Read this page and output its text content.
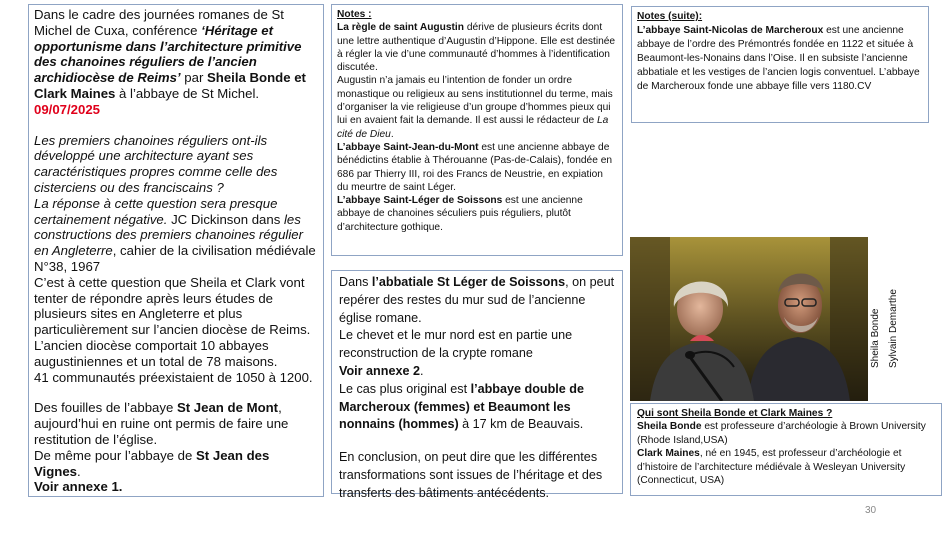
Dans le cadre des journées romanes de St Michel de Cuxa, conférence ‘Héritage et opportunisme dans l’architecture primitive des chanoines réguliers de l’ancien archidiocèse de Reims’ par Sheila Bonde et Clark Maines à l’abbaye de St Michel. 09/07/2025

Les premiers chanoines réguliers ont-ils développé une architecture ayant ses caractéristiques propres comme celle des cisterciens ou des franciscains ?

La réponse à cette question sera presque certainement négative. JC Dickinson dans les constructions des premiers chanoines régulier en Angleterre, cahier de la civilisation médiévale N°38, 1967

C’est à cette question que Sheila et Clark vont tenter de répondre après leurs études de plusieurs sites en Angleterre et plus particulièrement sur l’ancien diocèse de Reims.

L’ancien diocèse comportait 10 abbayes augustiniennes et un total de 78 maisons.

41 communautés préexistaient de 1050 à 1200.

Des fouilles de l’abbaye St Jean de Mont, aujourd’hui en ruine ont permis de faire une restitution de l’église.

De même pour l’abbaye de St Jean des Vignes.

Voir annexe 1.

Notes :

La règle de saint Augustin dérive de plusieurs écrits dont une lettre authentique d’Augustin d’Hippone. Elle est destinée à régler la vie d’une communauté d’hommes à l’identification discutée.

Augustin n’a jamais eu l’intention de fonder un ordre monastique ou religieux au sens institutionnel du terme, mais d’organiser la vie religieuse d’un groupe d’hommes pieux qui lui en avaient fait la demande. Il est aussi le rédacteur de La cité de Dieu.

L’abbaye Saint-Jean-du-Mont est une ancienne abbaye de bénédictins établie à Thérouanne (Pas-de-Calais), fondée en 686 par Thierry III, roi des Francs de Neustrie, en expiation du meurtre de saint Léger.

L’abbaye Saint-Léger de Soissons est une ancienne abbaye de chanoines séculiers puis réguliers, plutôt d’architecture gothique.

Notes (suite):

L’abbaye Saint-Nicolas de Marcheroux est une ancienne abbaye de l’ordre des Prémontrés fondée en 1122 et située à Beaumont-les-Nonains dans l’Oise. Il en subsiste l’ancienne abbatiale et les vestiges de l’ancien logis conventuel. L’abbaye de Marcheroux fonde une abbaye fille vers 1180.CV

Dans l’abbatiale St Léger de Soissons, on peut repérer des restes du mur sud de l’ancienne église romane.

Le chevet et le mur nord est en partie une reconstruction de la crypte romane

Voir annexe 2.

Le cas plus original est l’abbaye double de Marcheroux (femmes) et Beaumont les nonnains (hommes) à 17 km de Beauvais.

En conclusion, on peut dire que les différentes transformations sont issues de l’héritage et des transferts des bâtiments antécédents.

Sheila Bonde Sylvain Demarthe

Qui sont Sheila Bonde et Clark Maines ?

Sheila Bonde est professeure d’archéologie à Brown University (Rhode Island,USA)

Clark Maines, né en 1945, est professeur d’archéologie et d’histoire de l’architecture médiévale à Wesleyan University (Connecticut, USA)

30
